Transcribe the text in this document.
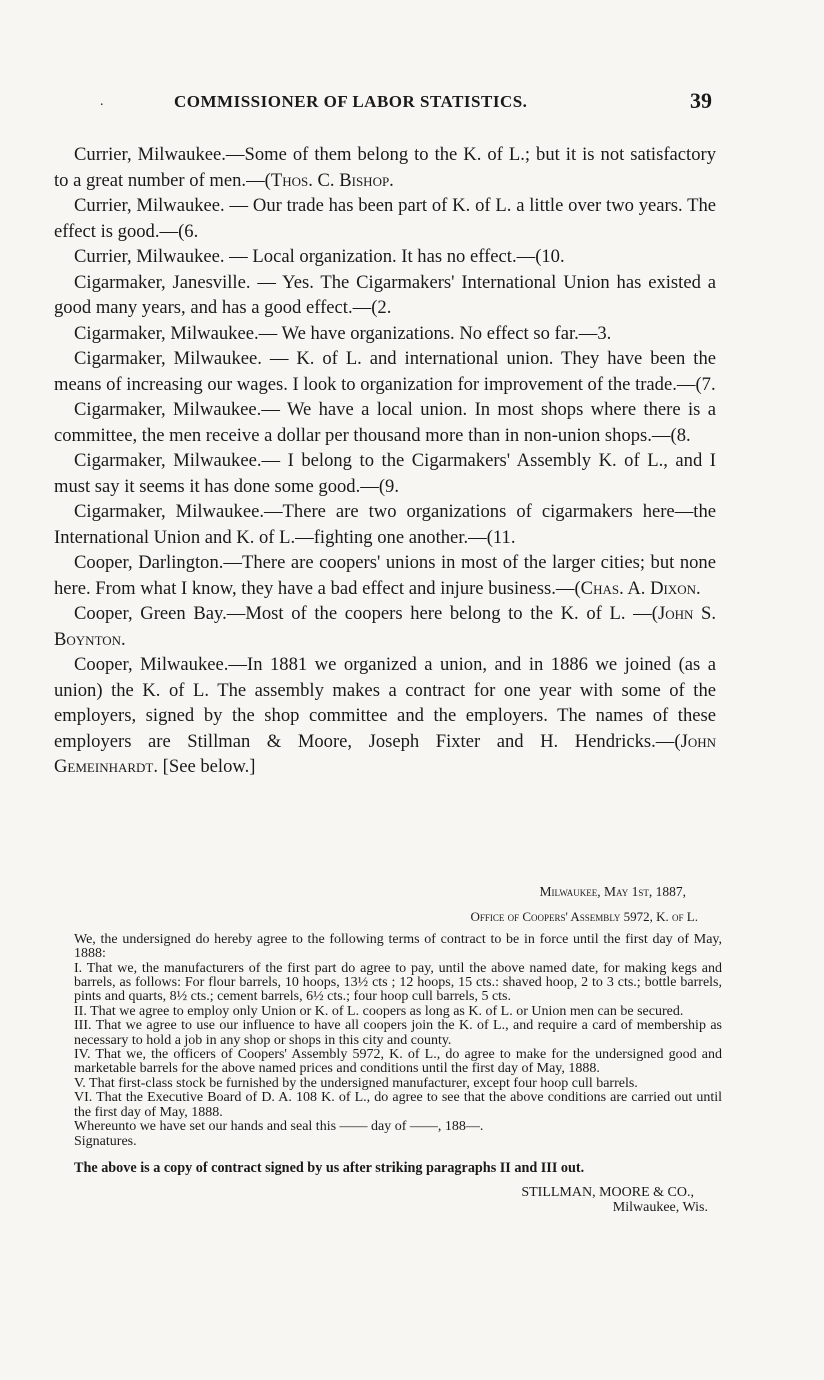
.	COMMISSIONER OF LABOR STATISTICS.	39

Currier, Milwaukee.—Some of them belong to the K. of L.; but it is not satisfactory to a great number of men.—(Thos. C. Bishop.

Currier, Milwaukee. — Our trade has been part of K. of L. a little over two years. The effect is good.—(6.

Currier, Milwaukee. — Local organization. It has no effect.—(10.

Cigarmaker, Janesville. — Yes. The Cigarmakers' International Union has existed a good many years, and has a good effect.—(2.

Cigarmaker, Milwaukee.— We have organizations. No effect so far.—3.

Cigarmaker, Milwaukee. — K. of L. and international union. They have been the means of increasing our wages. I look to organization for improvement of the trade.—(7.

Cigarmaker, Milwaukee.— We have a local union. In most shops where there is a committee, the men receive a dollar per thousand more than in non-union shops.—(8.

Cigarmaker, Milwaukee.— I belong to the Cigarmakers' Assembly K. of L., and I must say it seems it has done some good.—(9.

Cigarmaker, Milwaukee.—There are two organizations of cigarmakers here—the International Union and K. of L.—fighting one another.—(11.

Cooper, Darlington.—There are coopers' unions in most of the larger cities; but none here. From what I know, they have a bad effect and injure business.—(Chas. A. Dixon.

Cooper, Green Bay.—Most of the coopers here belong to the K. of L. —(John S. Boynton.

Cooper, Milwaukee.—In 1881 we organized a union, and in 1886 we joined (as a union) the K. of L. The assembly makes a contract for one year with some of the employers, signed by the shop committee and the employers. The names of these employers are Stillman & Moore, Joseph Fixter and H. Hendricks.—(John Gemeinhardt. [See below.]

Milwaukee, May 1st, 1887,
Office of Coopers' Assembly 5972, K. of L.

We, the undersigned do hereby agree to the following terms of contract to be in force until the first day of May, 1888:

I. That we, the manufacturers of the first part do agree to pay, until the above named date, for making kegs and barrels, as follows: For flour barrels, 10 hoops, 13½ cts ; 12 hoops, 15 cts.: shaved hoop, 2 to 3 cts.; bottle barrels, pints and quarts, 8½ cts.; cement barrels, 6½ cts.; four hoop cull barrels, 5 cts.

II. That we agree to employ only Union or K. of L. coopers as long as K. of L. or Union men can be secured.

III. That we agree to use our influence to have all coopers join the K. of L., and require a card of membership as necessary to hold a job in any shop or shops in this city and county.

IV. That we, the officers of Coopers' Assembly 5972, K. of L., do agree to make for the undersigned good and marketable barrels for the above named prices and conditions until the first day of May, 1888.

V. That first-class stock be furnished by the undersigned manufacturer, except four hoop cull barrels.

VI. That the Executive Board of D. A. 108 K. of L., do agree to see that the above conditions are carried out until the first day of May, 1888.

Whereunto we have set our hands and seal this —— day of ——, 188—.

Signatures.

The above is a copy of contract signed by us after striking paragraphs II and III out.
STILLMAN, MOORE & CO.,
Milwaukee, Wis.
